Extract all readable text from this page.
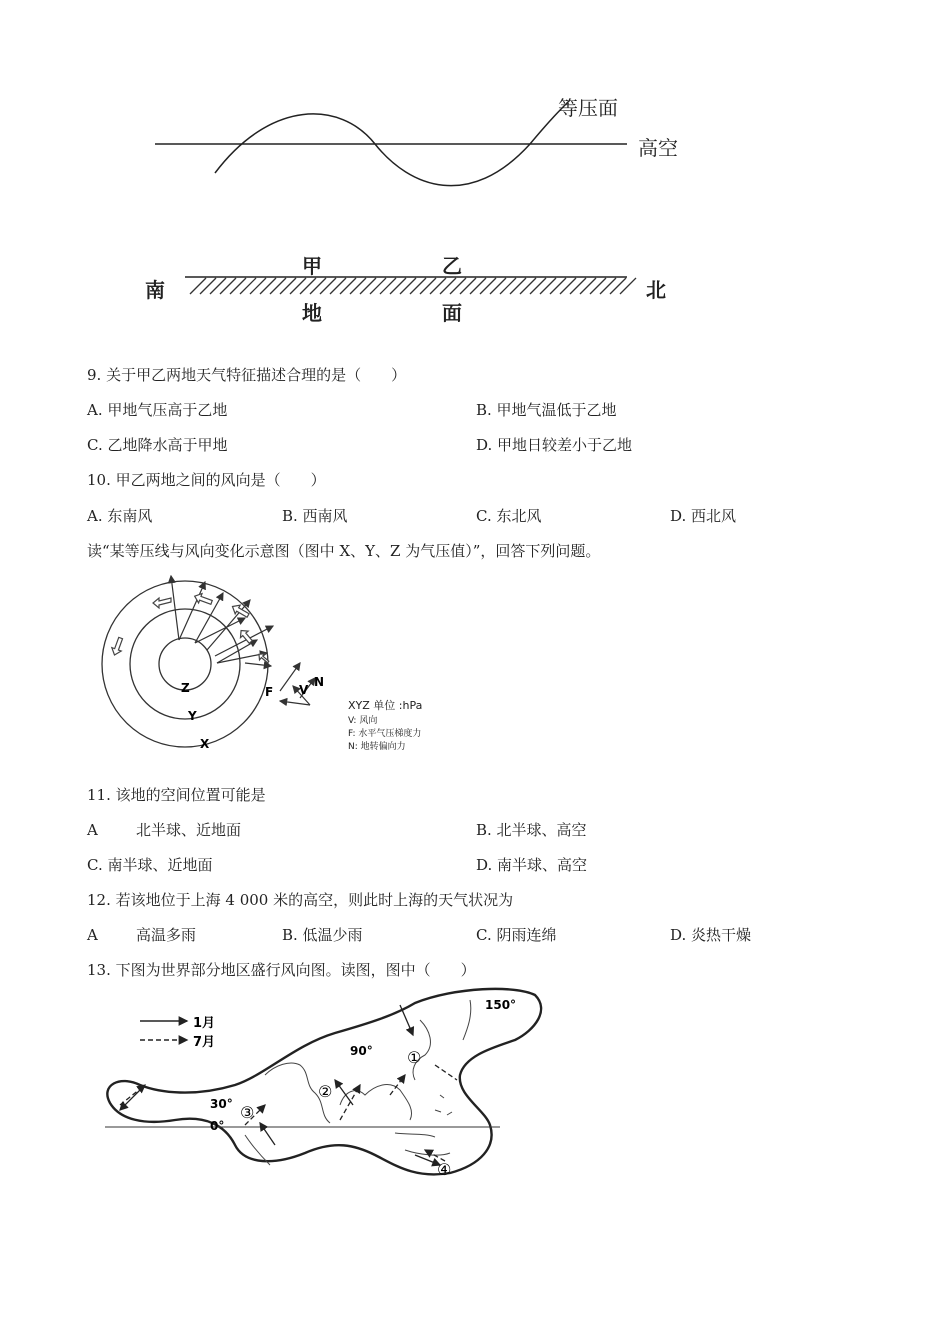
等压面
高空
南	北
甲	乙
地	面
9. 关于甲乙两地天气特征描述合理的是（　　）
A. 甲地气压高于乙地	B. 甲地气温低于乙地
C. 乙地降水高于甲地	D. 甲地日较差小于乙地
10. 甲乙两地之间的风向是（　　）
A. 东南风	B. 西南风	C. 东北风	D. 西北风
读“某等压线与风向变化示意图（图中 X、Y、Z 为气压值）”，回答下列问题。
Z
Y
X
F V
N
XYZ 单位 :hPa
V: 风向
F: 水平气压梯度力
N: 地转偏向力
11. 该地的空间位置可能是
A	北半球、近地面	B. 北半球、高空
C. 南半球、近地面	D. 南半球、高空
12. 若该地位于上海 4 000 米的高空，则此时上海的天气状况为
A	高温多雨	B. 低温少雨	C. 阴雨连绵	D. 炎热干燥
13. 下图为世界部分地区盛行风向图。读图，图中（　　）
1月
7月
150°
90°
30°
0°
①
②
③
④
